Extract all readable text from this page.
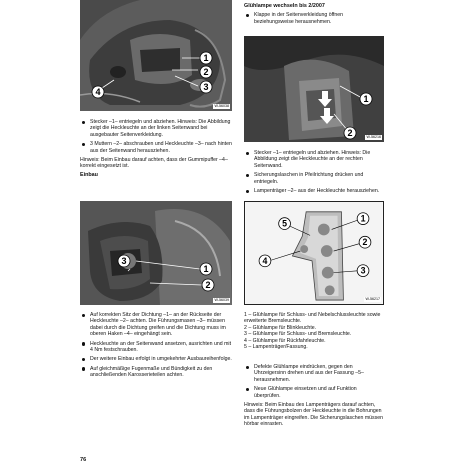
1
2
3
4
W-56038
Stecker –1– entriegeln und abziehen. Hinweis: Die Abbildung zeigt die Heckleuchte an der linken Seitenwand bei ausgebauter Seitenverkleidung.
3 Muttern –2– abschrauben und Heckleuchte –3– nach hinten aus der Seitenwand herausziehen.

Hinweis: Beim Einbau darauf achten, dass der Gummipuffer –4– korrekt eingesetzt ist.

Einbau
1
2
3
W-56039
Auf korrekten Sitz der Dichtung –1– an der Rückseite der Heckleuchte –2– achten. Die Führungsmasen –3– müssen dabei durch die Dichtung greifen und die Dichtung muss im oberen Haken –4– eingehängt sein.
Heckleuchte an der Seitenwand ansetzen, ausrichten und mit 4 Nm festschrauben.
Der weitere Einbau erfolgt in umgekehrter Ausbaureihenfolge.
Auf gleichmäßige Fugenmaße und Bündigkeit zu den anschließenden Karosserieteilen achten.
Glühlampe wechseln bis 2/2007
Klappe in der Seitenverkleidung öffnen beziehungsweise herausnehmen.
1
2	W-56216
Stecker –1– entriegeln und abziehen. Hinweis: Die Abbildung zeigt die Heckleuchte an der rechten Seitenwand.
Sicherungslaschen in Pfeilrichtung drücken und entriegeln.
Lampenträger –2– aus der Heckleuchte herausziehen.
1
2
3
4
5
W-56217
1 – Glühlampe für Schluss- und Nebelschlussleuchte sowie erweiterte Bremsleuchte.
2 – Glühlampe für Blinkleuchte.
3 – Glühlampe für Schluss- und Bremsleuchte.
4 – Glühlampe für Rückfahrleuchte.
5 – Lampenträger/Fassung.
Defekte Glühlampe eindrücken, gegen den Uhrzeigersinn drehen und aus der Fassung –5– herausnehmen.
Neue Glühlampe einsetzen und auf Funktion überprüfen.

Hinweis: Beim Einbau des Lampenträgers darauf achten, dass die Führungsbolzen der Heckleuchte in die Bohrungen im Lampenträger eingreifen. Die Sicherungslaschen müssen hörbar einrasten.

76
